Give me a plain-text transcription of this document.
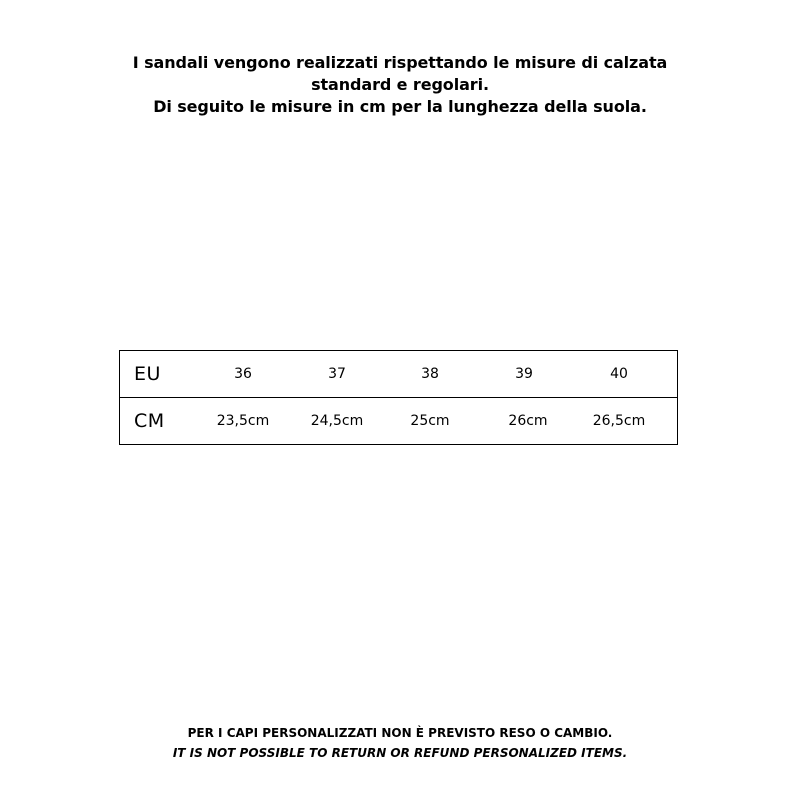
I sandali vengono realizzati rispettando le misure di calzata
standard e regolari.
Di seguito le misure in cm per la lunghezza della suola.
EU	36	37	38	39	40
CM	23,5cm	24,5cm	25cm	26cm	26,5cm
PER I CAPI PERSONALIZZATI NON È PREVISTO RESO O CAMBIO.
IT IS NOT POSSIBLE TO RETURN OR REFUND PERSONALIZED ITEMS.
